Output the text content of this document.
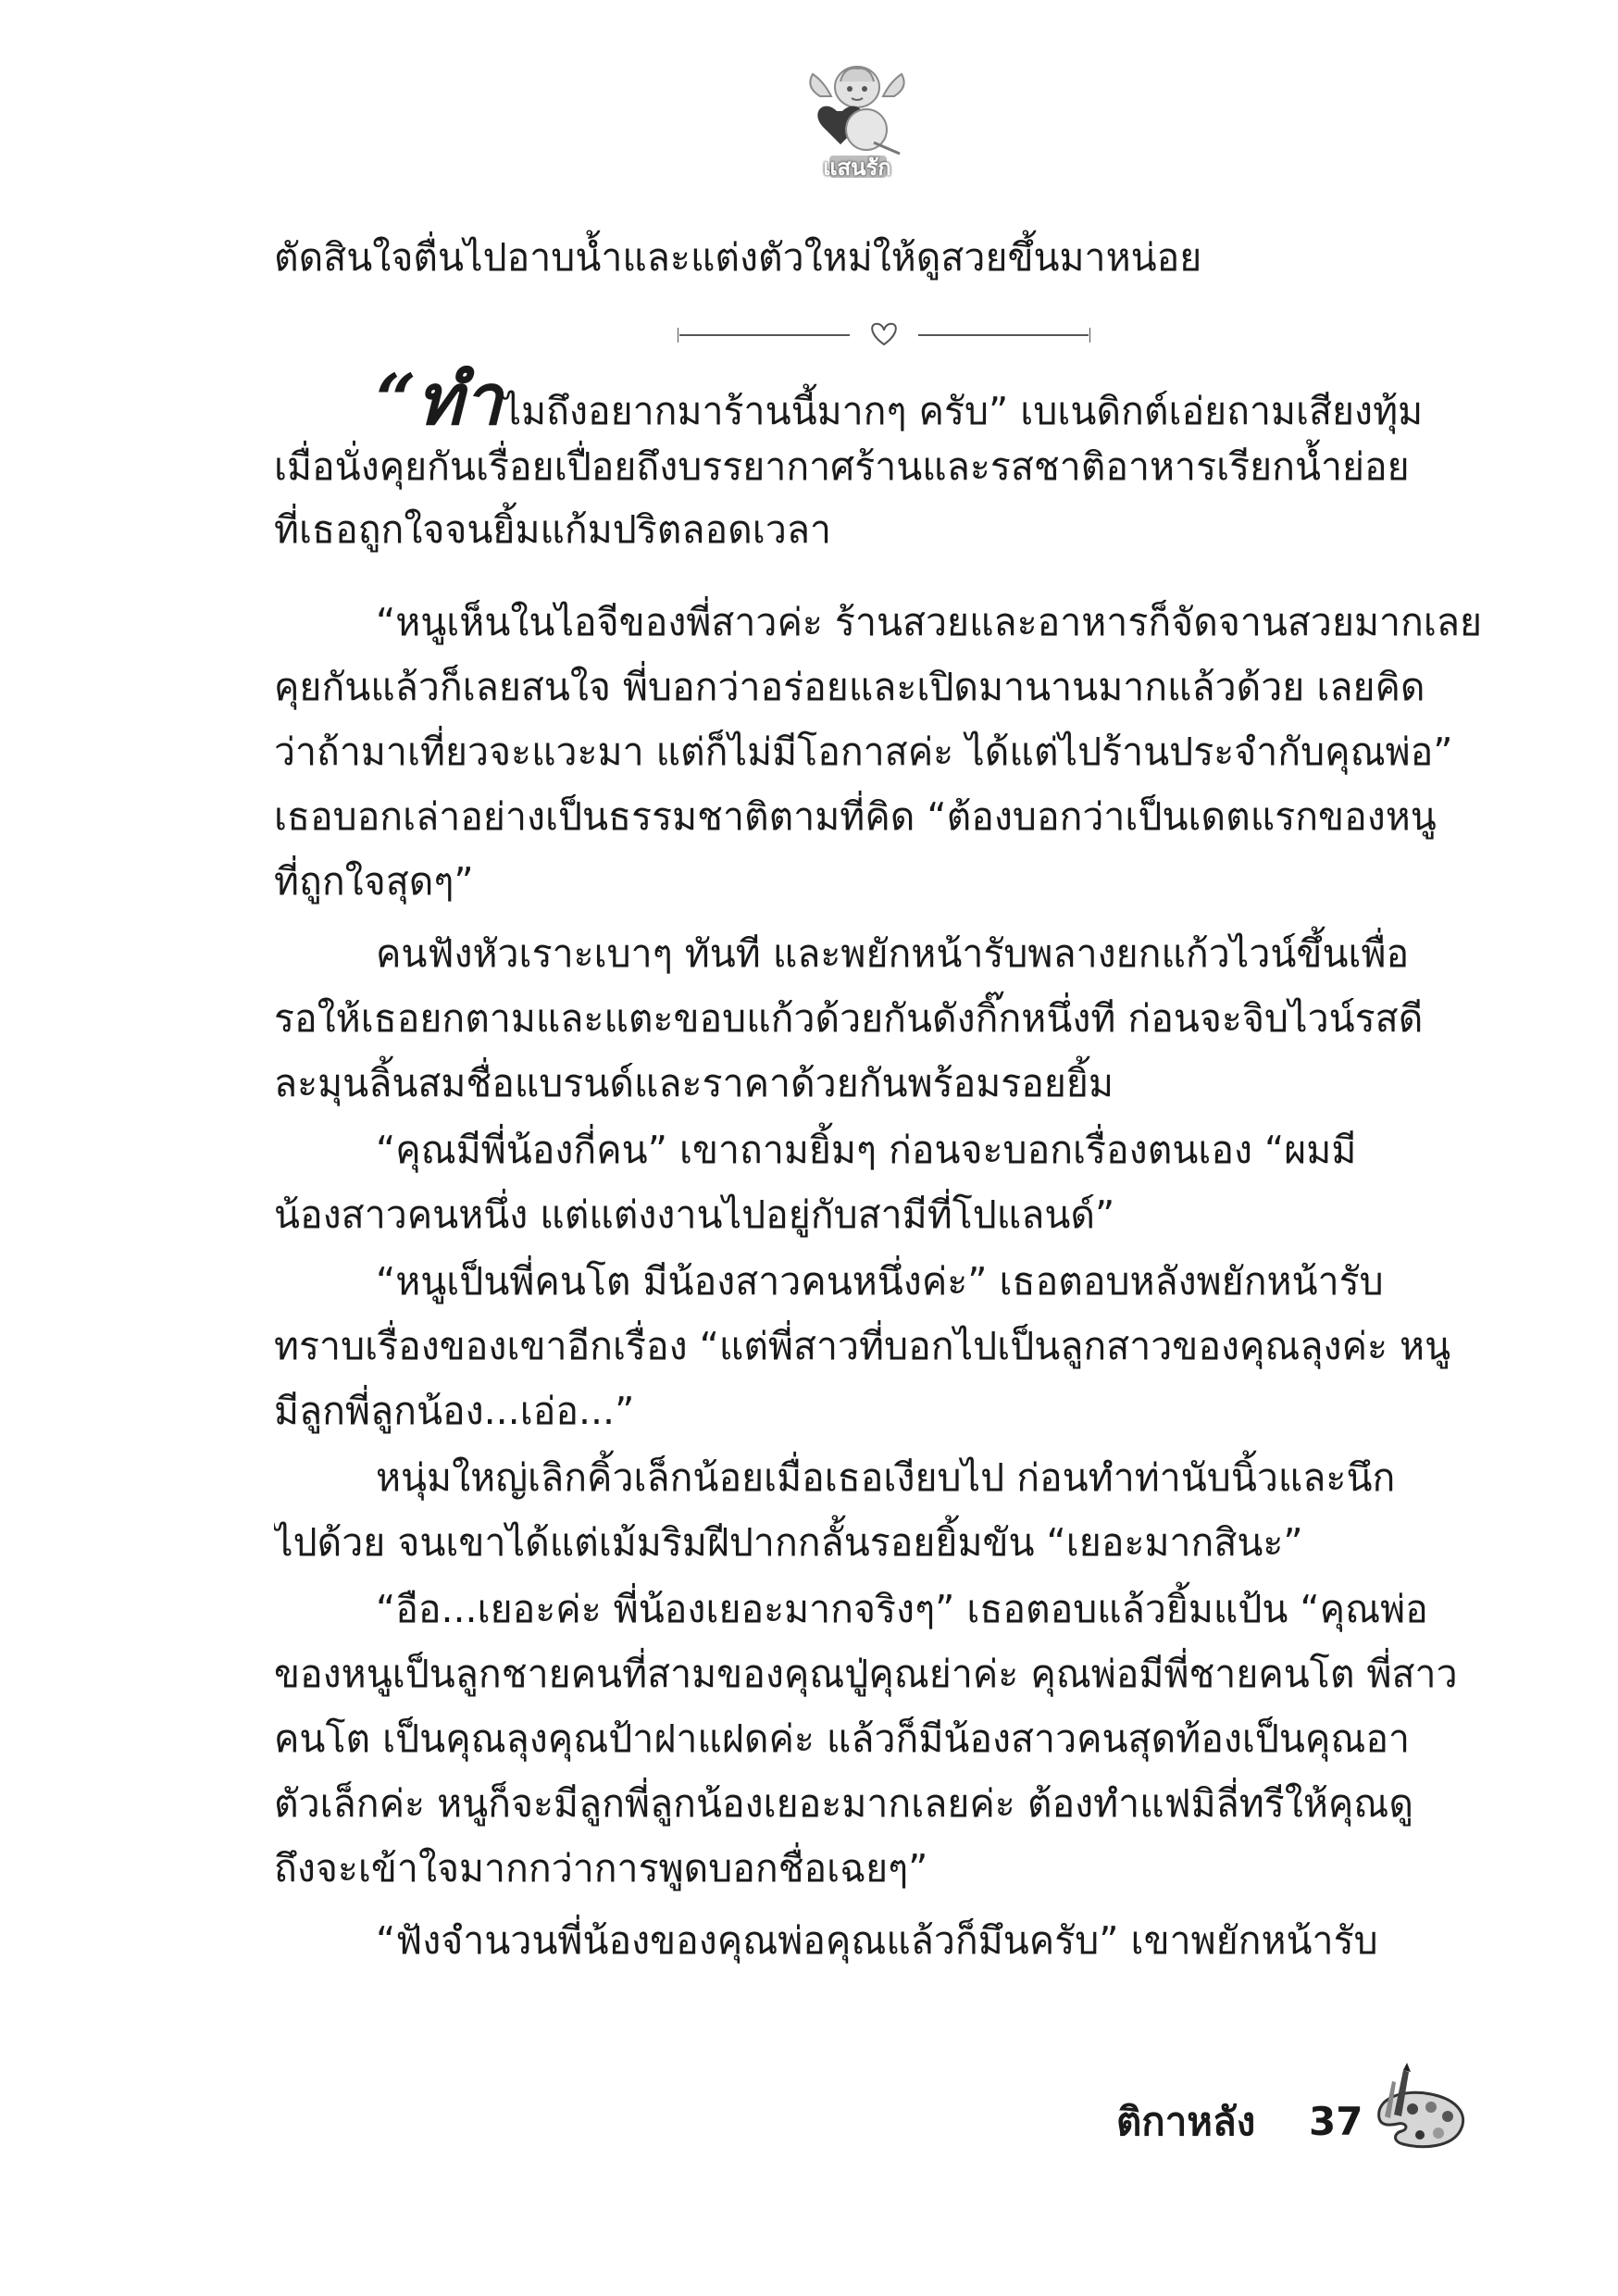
แสนรัก
ตัดสินใจตื่นไปอาบน้ำและแต่งตัวใหม่ให้ดูสวยขึ้นมาหน่อย
“ทำไมถึงอยากมาร้านนี้มากๆ ครับ” เบเนดิกต์เอ่ยถามเสียงทุ้ม
เมื่อนั่งคุยกันเรื่อยเปื่อยถึงบรรยากาศร้านและรสชาติอาหารเรียกน้ำย่อย
ที่เธอถูกใจจนยิ้มแก้มปริตลอดเวลา
“หนูเห็นในไอจีของพี่สาวค่ะ ร้านสวยและอาหารก็จัดจานสวยมากเลย
คุยกันแล้วก็เลยสนใจ พี่บอกว่าอร่อยและเปิดมานานมากแล้วด้วย เลยคิด
ว่าถ้ามาเที่ยวจะแวะมา แต่ก็ไม่มีโอกาสค่ะ ได้แต่ไปร้านประจำกับคุณพ่อ”
เธอบอกเล่าอย่างเป็นธรรมชาติตามที่คิด “ต้องบอกว่าเป็นเดตแรกของหนู
ที่ถูกใจสุดๆ”
คนฟังหัวเราะเบาๆ ทันที และพยักหน้ารับพลางยกแก้วไวน์ขึ้นเพื่อ
รอให้เธอยกตามและแตะขอบแก้วด้วยกันดังกิ๊กหนึ่งที ก่อนจะจิบไวน์รสดี
ละมุนลิ้นสมชื่อแบรนด์และราคาด้วยกันพร้อมรอยยิ้ม
“คุณมีพี่น้องกี่คน” เขาถามยิ้มๆ ก่อนจะบอกเรื่องตนเอง “ผมมี
น้องสาวคนหนึ่ง แต่แต่งงานไปอยู่กับสามีที่โปแลนด์”
“หนูเป็นพี่คนโต มีน้องสาวคนหนึ่งค่ะ” เธอตอบหลังพยักหน้ารับ
ทราบเรื่องของเขาอีกเรื่อง “แต่พี่สาวที่บอกไปเป็นลูกสาวของคุณลุงค่ะ หนู
มีลูกพี่ลูกน้อง...เอ่อ...”
หนุ่มใหญ่เลิกคิ้วเล็กน้อยเมื่อเธอเงียบไป ก่อนทำท่านับนิ้วและนึก
ไปด้วย จนเขาได้แต่เม้มริมฝีปากกลั้นรอยยิ้มขัน “เยอะมากสินะ”
“อือ...เยอะค่ะ พี่น้องเยอะมากจริงๆ” เธอตอบแล้วยิ้มแป้น “คุณพ่อ
ของหนูเป็นลูกชายคนที่สามของคุณปู่คุณย่าค่ะ คุณพ่อมีพี่ชายคนโต พี่สาว
คนโต เป็นคุณลุงคุณป้าฝาแฝดค่ะ แล้วก็มีน้องสาวคนสุดท้องเป็นคุณอา
ตัวเล็กค่ะ หนูก็จะมีลูกพี่ลูกน้องเยอะมากเลยค่ะ ต้องทำแฟมิลี่ทรีให้คุณดู
ถึงจะเข้าใจมากกว่าการพูดบอกชื่อเฉยๆ”
“ฟังจำนวนพี่น้องของคุณพ่อคุณแล้วก็มึนครับ” เขาพยักหน้ารับ
ติกาหลัง 37
